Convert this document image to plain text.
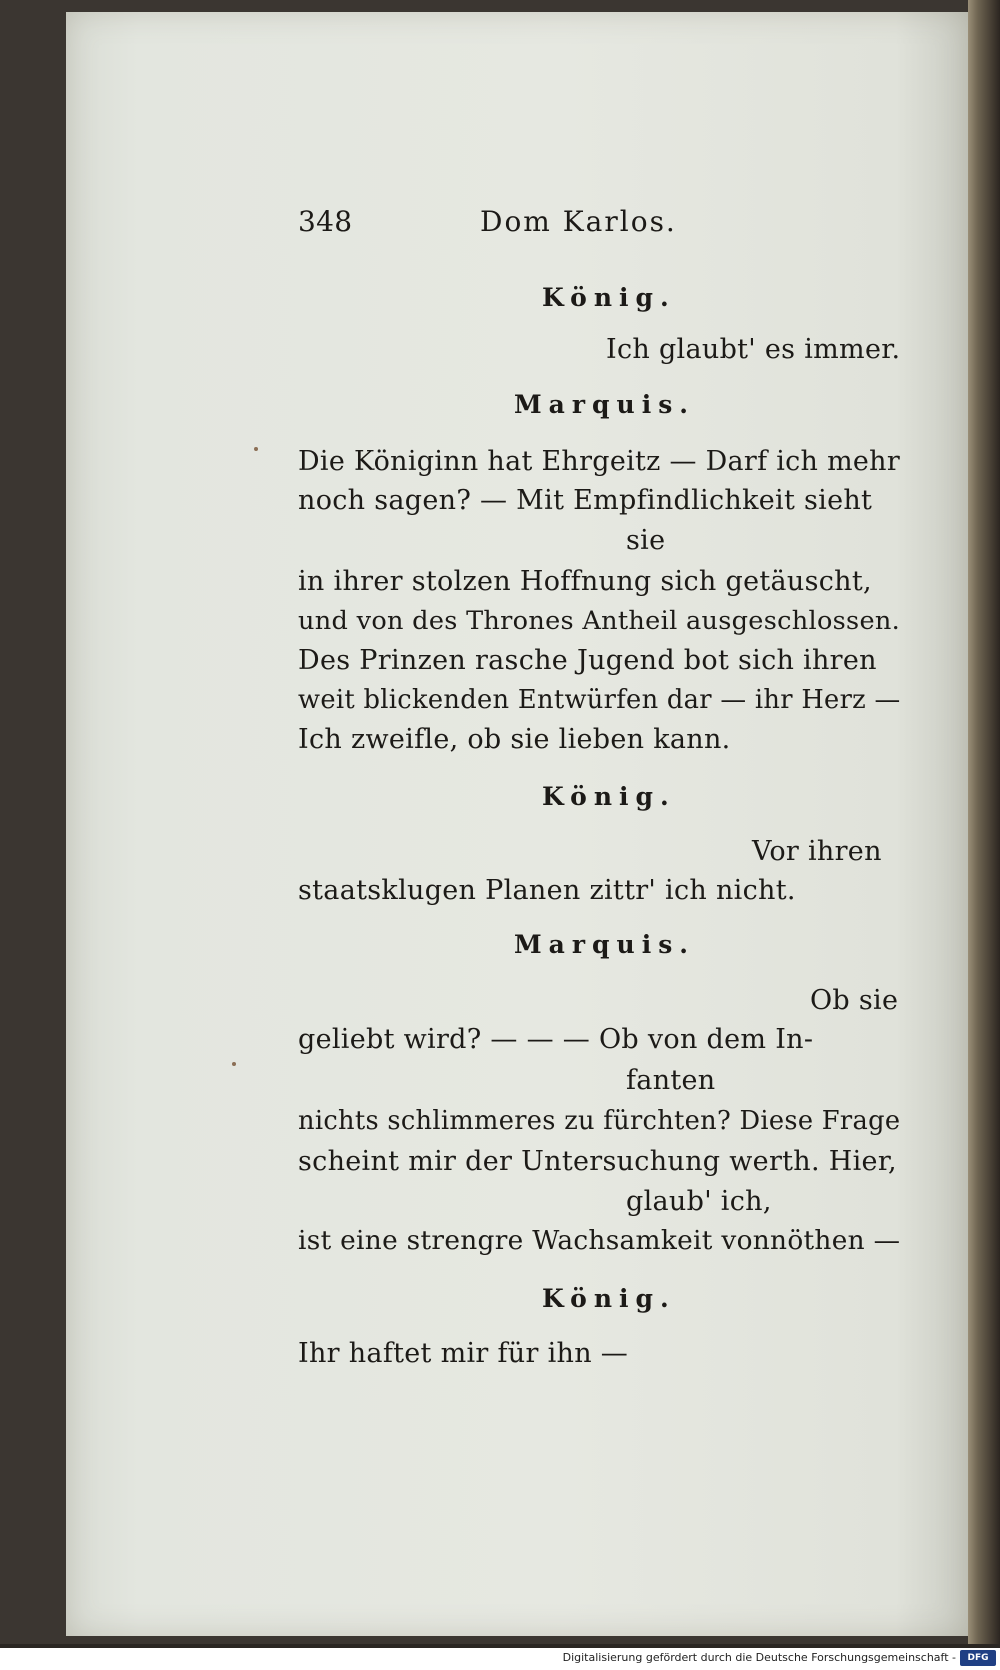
348	Dom Karlos.
König.
Ich glaubt' es immer.
Marquis.
Die Königinn hat Ehrgeitz — Darf ich mehr
noch sagen? — Mit Empfindlichkeit sieht
sie
in ihrer stolzen Hoffnung sich getäuscht,
und von des Thrones Antheil ausgeschlossen.
Des Prinzen rasche Jugend bot sich ihren
weit blickenden Entwürfen dar — ihr Herz —
Ich zweifle, ob sie lieben kann.
König.
Vor ihren
staatsklugen Planen zittr' ich nicht.
Marquis.
Ob sie
geliebt wird? — — — Ob von dem In-
fanten
nichts schlimmeres zu fürchten? Diese Frage
scheint mir der Untersuchung werth. Hier,
glaub' ich,
ist eine strengre Wachsamkeit vonnöthen —
König.
Ihr haftet mir für ihn —
Digitalisierung gefördert durch die Deutsche Forschungsgemeinschaft -	DFG
